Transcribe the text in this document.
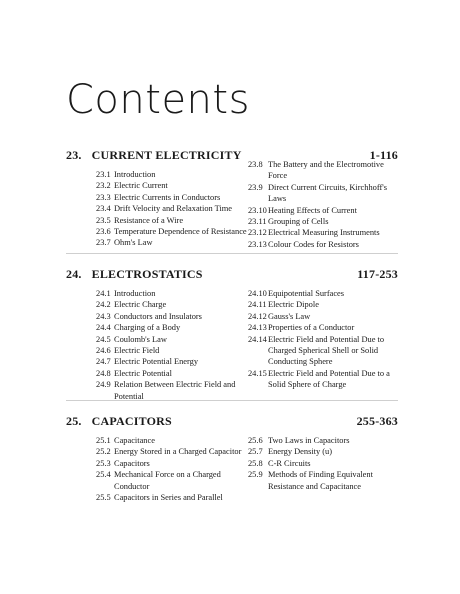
Contents
23. CURRENT ELECTRICITY	1-116
23.1 Introduction
23.2 Electric Current
23.3 Electric Currents in Conductors
23.4 Drift Velocity and Relaxation Time
23.5 Resistance of a Wire
23.6 Temperature Dependence of Resistance
23.7 Ohm's Law
23.8 The Battery and the Electromotive Force
23.9 Direct Current Circuits, Kirchhoff's Laws
23.10 Heating Effects of Current
23.11 Grouping of Cells
23.12 Electrical Measuring Instruments
23.13 Colour Codes for Resistors
24. ELECTROSTATICS	117-253
24.1 Introduction
24.2 Electric Charge
24.3 Conductors and Insulators
24.4 Charging of a Body
24.5 Coulomb's Law
24.6 Electric Field
24.7 Electric Potential Energy
24.8 Electric Potential
24.9 Relation Between Electric Field and Potential
24.10 Equipotential Surfaces
24.11 Electric Dipole
24.12 Gauss's Law
24.13 Properties of a Conductor
24.14 Electric Field and Potential Due to Charged Spherical Shell or Solid Conducting Sphere
24.15 Electric Field and Potential Due to a Solid Sphere of Charge
25. CAPACITORS	255-363
25.1 Capacitance
25.2 Energy Stored in a Charged Capacitor
25.3 Capacitors
25.4 Mechanical Force on a Charged Conductor
25.5 Capacitors in Series and Parallel
25.6 Two Laws in Capacitors
25.7 Energy Density (u)
25.8 C-R Circuits
25.9 Methods of Finding Equivalent Resistance and Capacitance
